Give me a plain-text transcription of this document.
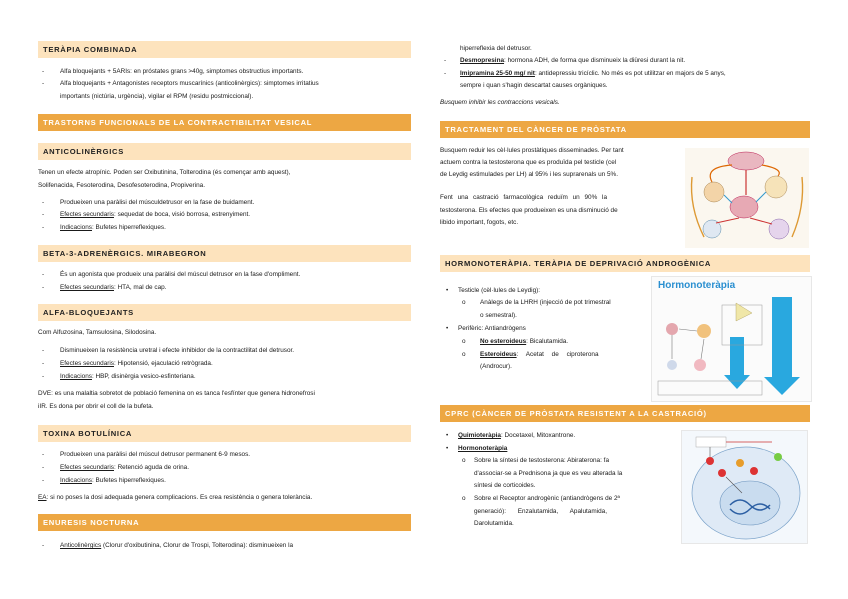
TERÀPIA COMBINADA
- Alfa bloquejants + 5ARIs: en próstates grans >40g, simptomes obstructius importants.
- Alfa bloquejants + Antagonistes receptors muscarínics (anticolinèrgics): simptomes irritatius
importants (nictúria, urgència), vigilar el RPM (residu postmiccional).
TRASTORNS FUNCIONALS DE LA CONTRACTIBILITAT VESICAL
ANTICOLINÈRGICS
Tenen un efecte atropínic. Poden ser Oxibutinina, Tolterodina (és començar amb aquest),
Solifenacida, Fesoterodina, Desofesoterodina, Propiverina.
- Produeixen una paràlisi del músculdetrusor en la fase de buidament.
- Efectes secundaris: sequedat de boca, visió borrosa, estrenyiment.
- Indicacions: Bufetes hiperreflexiques.
BETA-3-ADRENÈRGICS. MIRABEGRON
- És un agonista que produeix una paràlisi del múscul detrusor en la fase d'ompliment.
- Efectes secundaris: HTA, mal de cap.
ALFA-BLOQUEJANTS
Com Alfuzosina, Tamsulosina, Silodosina.
- Disminueixen la resistència uretral i efecte inhibidor de la contractilitat del detrusor.
- Efectes secundaris: Hipotensió, ejaculació retrògrada.
- Indicacions: HBP, disinèrgia vesico-esfinteriana.
DVE: es una malaltia sobretot de població femenina on es tanca l'esfínter que genera hidronefrosi
iIR. Es dona per obrir el coll de la bufeta.
TOXINA BOTULÍNICA
- Produeixen una paràlisi del múscul detrusor permanent 6-9 mesos.
- Efectes secundaris: Retenció aguda de orina.
- Indicacions: Bufetes hiperreflexiques.
EA: si no poses la dosi adequada genera complicacions. Es crea resistència o genera tolerància.
ENURESIS NOCTURNA
- Anticolinèrgics (Clorur d'oxibutinina, Clorur de Trospi, Tolterodina): disminueixen la
hiperreflexia del detrusor.
- Desmopresina: hormona ADH, de forma que disminueix la diüresi durant la nit.
- Imipramina 25-50 mg/ nit: antidepressiu tricíclic. No més es pot utilitzar en majors de 5 anys,
sempre i quan s'hagin descartat causes orgàniques.
Busquem inhibir les contraccions vesicals.
TRACTAMENT DEL CÀNCER DE PRÒSTATA
Busquem reduir les cèl·lules prostàtiques disseminades. Per tant
actuem contra la testosterona que es produïda pel testicle (cel
de Leydig estimulades per LH) al 95% i les suprarenals un 5%.
Fent una castració farmacològica reduïm un 90% la
testosterona. Els efectes que produeixen es una disminució de
libido important, fogots, etc.
HORMONOTERÀPIA. TERÀPIA DE DEPRIVACIÓ ANDROGÈNICA
• Testicle (cèl·lules de Leydig):
o Anàlegs de la LHRH (injecció de pot trimestral
o semestral).
• Perifèric: Antiandrògens
o No esteroideus: Bicalutamida.
o Esteroideus: Acetat de ciproterona
(Androcur).
Hormonoteràpia
CPRC (CÀNCER DE PRÒSTATA RESISTENT A LA CASTRACIÓ)
• Quimioteràpia: Docetaxel, Mitoxantrone.
• Hormonoteràpia
o Sobre la síntesi de testosterona: Abiraterona: fa
d'associar-se a Prednisona ja que es veu alterada la
síntesi de corticoides.
o Sobre el Receptor androgènic (antiandrògens de 2ª
generació): Enzalutamida, Apalutamida,
Darolutamida.
